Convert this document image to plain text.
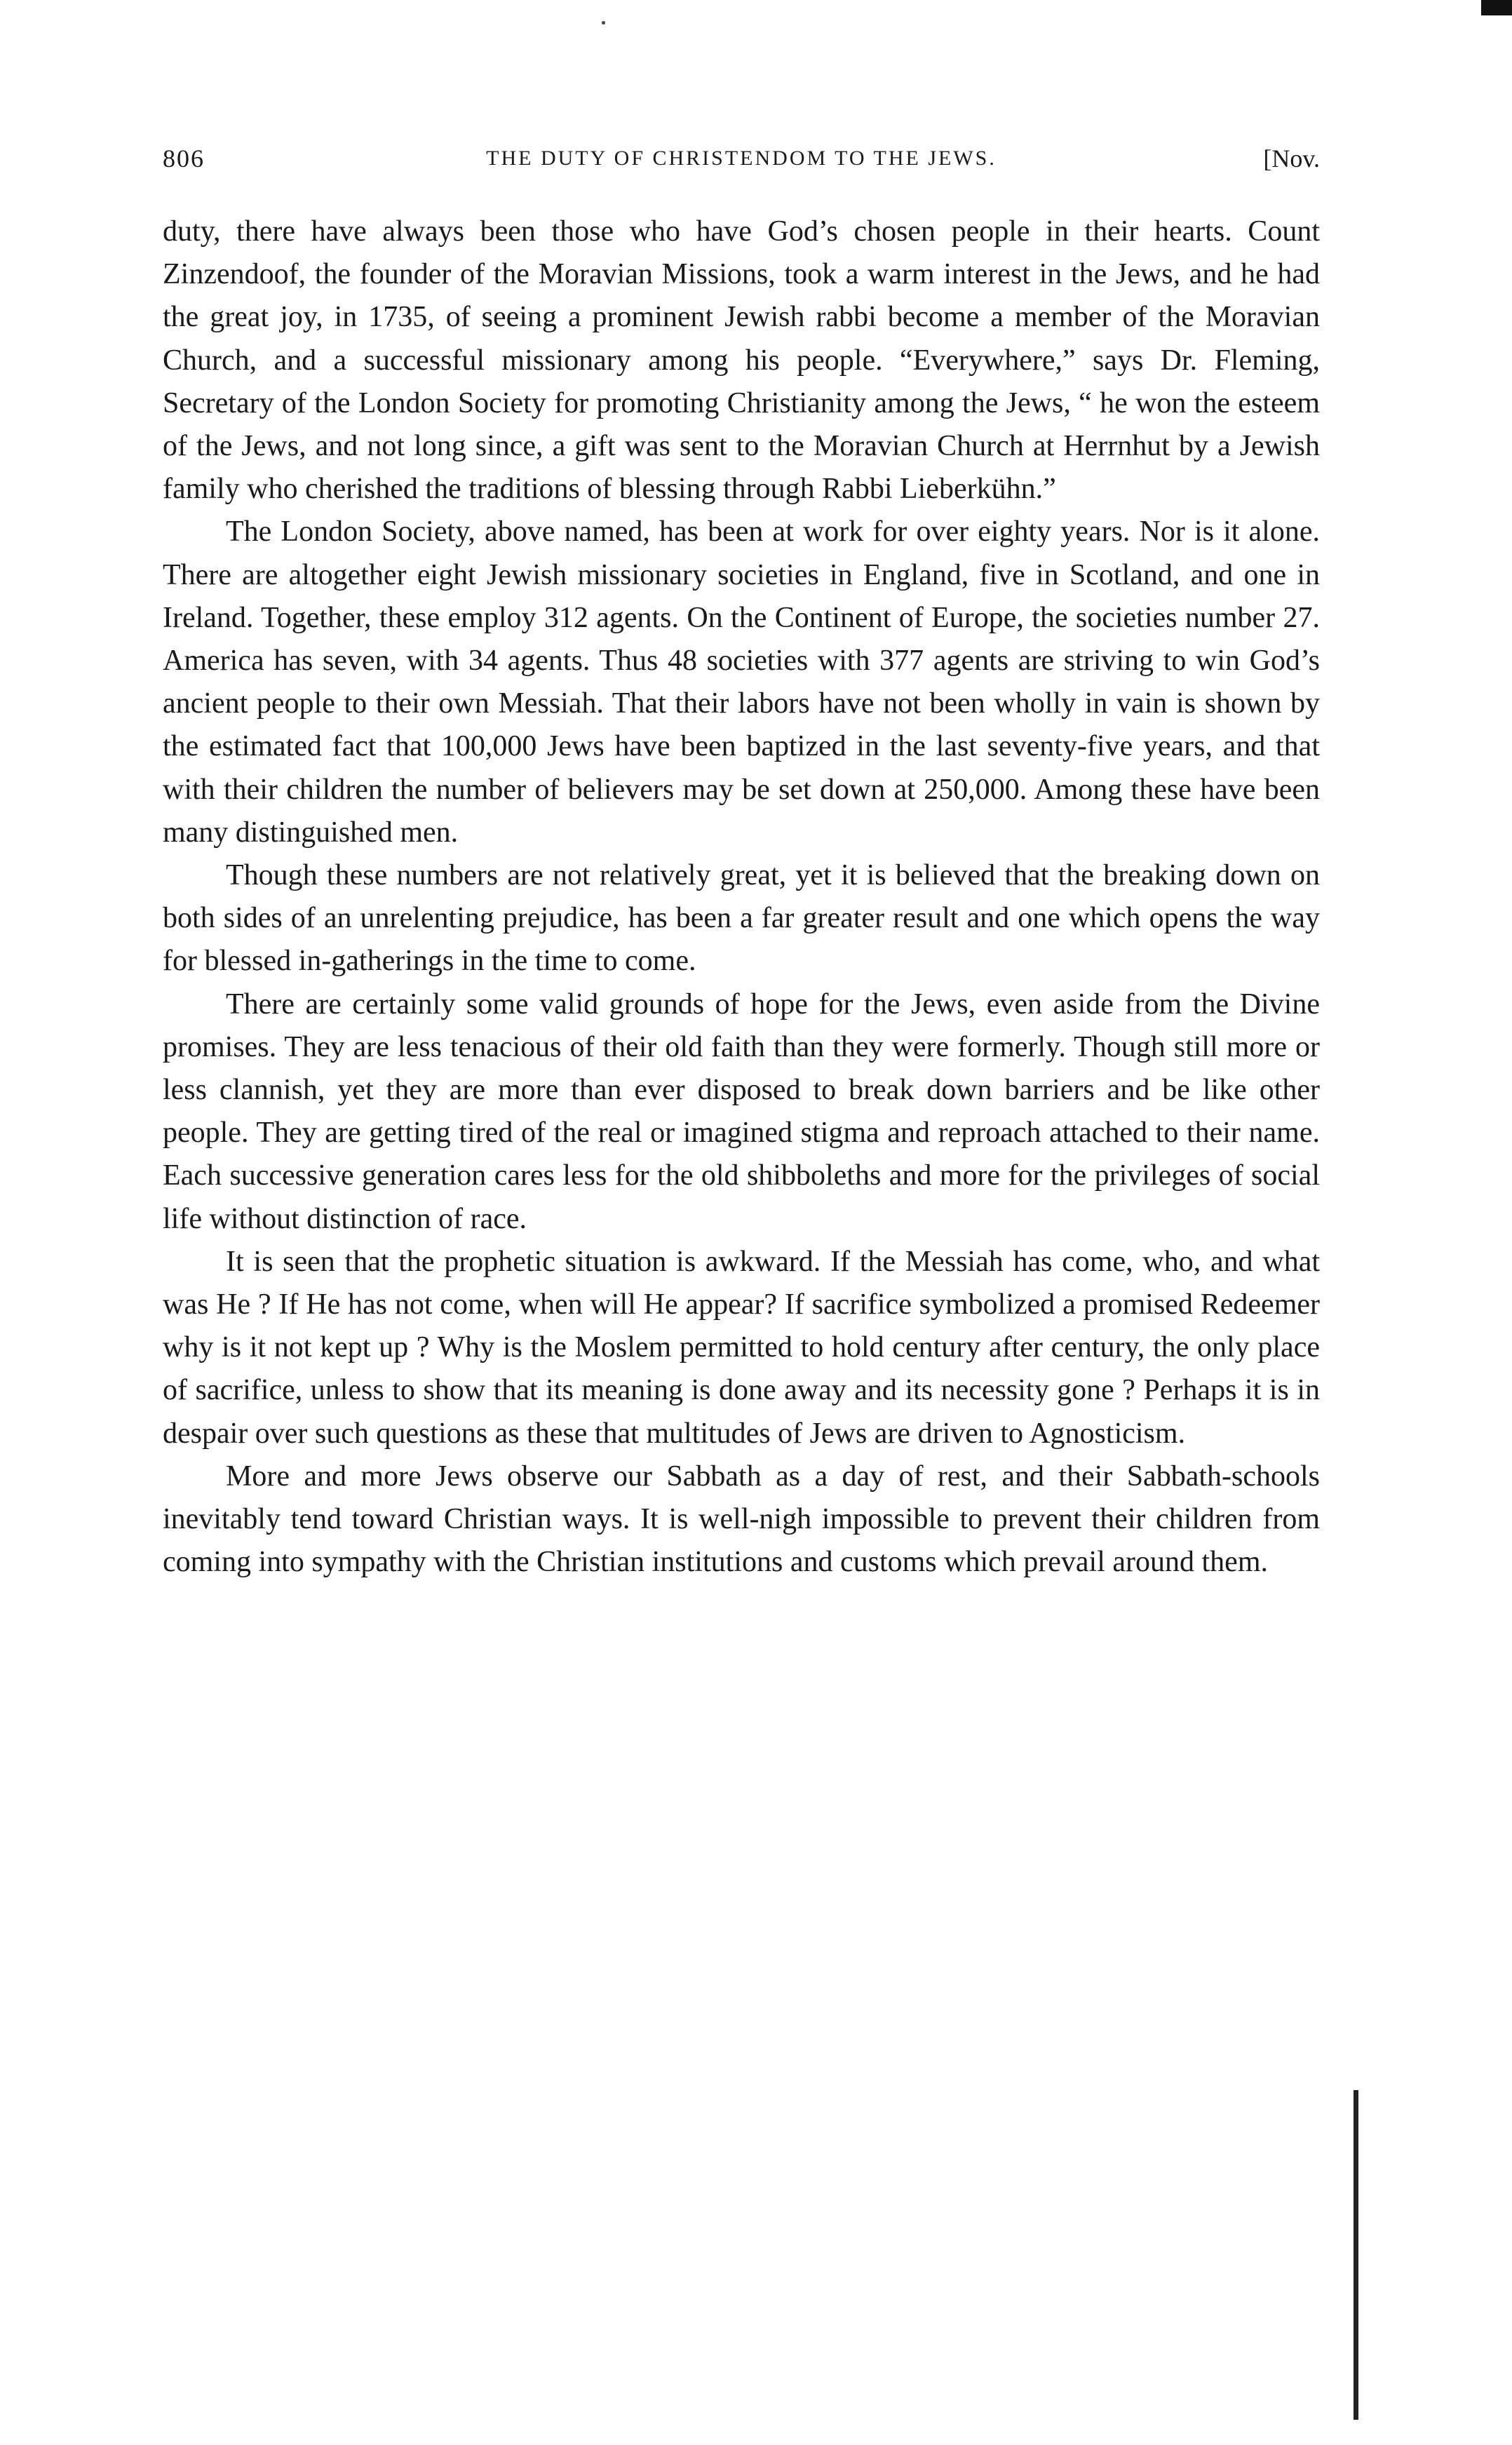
806	THE DUTY OF CHRISTENDOM TO THE JEWS.	[Nov.

duty, there have always been those who have God’s chosen people in their hearts. Count Zinzendoof, the founder of the Moravian Missions, took a warm interest in the Jews, and he had the great joy, in 1735, of seeing a prominent Jewish rabbi become a member of the Moravian Church, and a successful missionary among his people. “Everywhere,” says Dr. Fleming, Secretary of the London Society for promoting Christianity among the Jews, “ he won the esteem of the Jews, and not long since, a gift was sent to the Moravian Church at Herrnhut by a Jewish family who cherished the traditions of blessing through Rabbi Lieberkühn.”

The London Society, above named, has been at work for over eighty years. Nor is it alone. There are altogether eight Jewish missionary societies in England, five in Scotland, and one in Ireland. Together, these employ 312 agents. On the Continent of Europe, the societies number 27. America has seven, with 34 agents. Thus 48 societies with 377 agents are striving to win God’s ancient people to their own Messiah. That their labors have not been wholly in vain is shown by the estimated fact that 100,000 Jews have been baptized in the last seventy-five years, and that with their children the number of believers may be set down at 250,000. Among these have been many distinguished men.

Though these numbers are not relatively great, yet it is believed that the breaking down on both sides of an unrelenting prejudice, has been a far greater result and one which opens the way for blessed in-gatherings in the time to come.

There are certainly some valid grounds of hope for the Jews, even aside from the Divine promises. They are less tenacious of their old faith than they were formerly. Though still more or less clannish, yet they are more than ever disposed to break down barriers and be like other people. They are getting tired of the real or imagined stigma and reproach attached to their name. Each successive generation cares less for the old shibboleths and more for the privileges of social life without distinction of race.

It is seen that the prophetic situation is awkward. If the Messiah has come, who, and what was He ? If He has not come, when will He appear? If sacrifice symbolized a promised Redeemer why is it not kept up ? Why is the Moslem permitted to hold century after century, the only place of sacrifice, unless to show that its meaning is done away and its necessity gone ? Perhaps it is in despair over such questions as these that multitudes of Jews are driven to Agnosticism.

More and more Jews observe our Sabbath as a day of rest, and their Sabbath-schools inevitably tend toward Christian ways. It is well-nigh impossible to prevent their children from coming into sympathy with the Christian institutions and customs which prevail around them.
